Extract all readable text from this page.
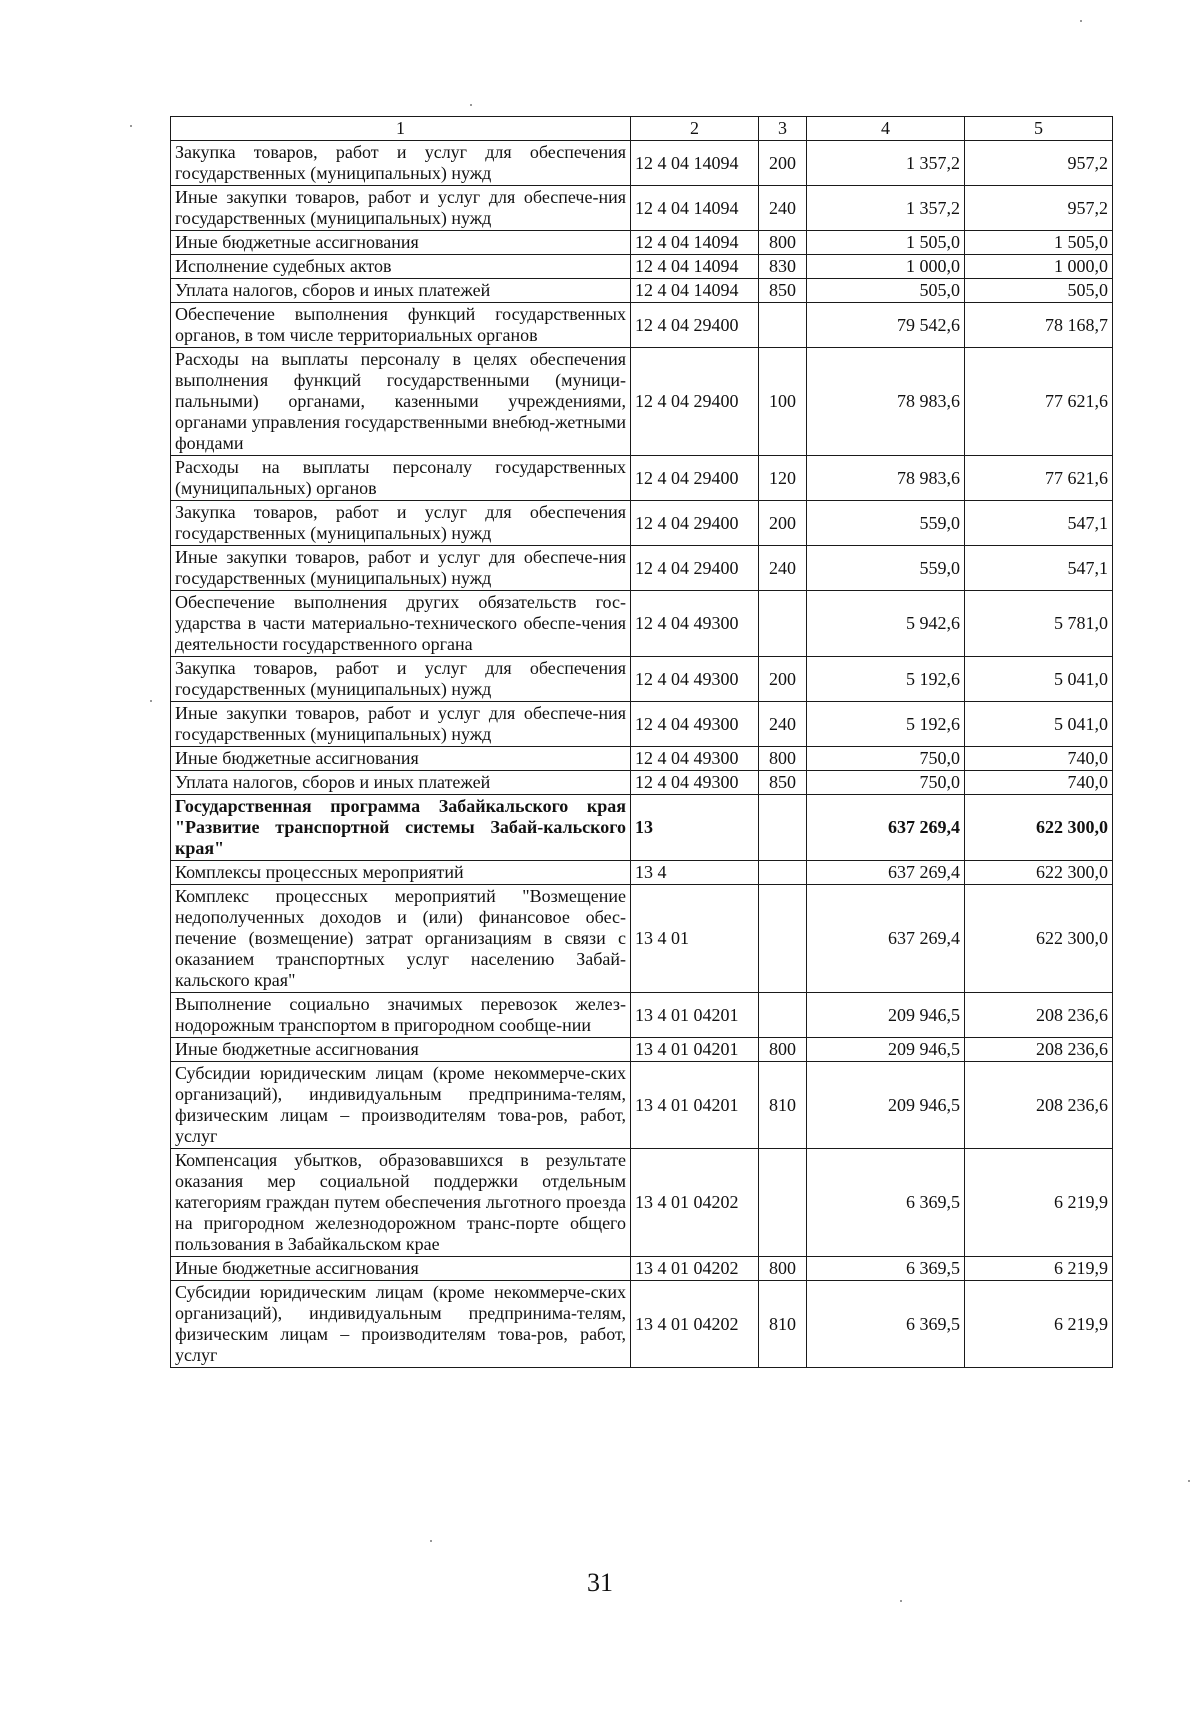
1	2	3	4	5
Закупка товаров, работ и услуг для обеспечения государственных (муниципальных) нужд	12 4 04 14094	200	1 357,2	957,2
Иные закупки товаров, работ и услуг для обеспече-ния государственных (муниципальных) нужд	12 4 04 14094	240	1 357,2	957,2
Иные бюджетные ассигнования	12 4 04 14094	800	1 505,0	1 505,0
Исполнение судебных актов	12 4 04 14094	830	1 000,0	1 000,0
Уплата налогов, сборов и иных платежей	12 4 04 14094	850	505,0	505,0
Обеспечение выполнения функций государственных органов, в том числе территориальных органов	12 4 04 29400		79 542,6	78 168,7
Расходы на выплаты персоналу в целях обеспечения выполнения функций государственными (муници-пальными) органами, казенными учреждениями, органами управления государственными внебюд-жетными фондами	12 4 04 29400	100	78 983,6	77 621,6
Расходы на выплаты персоналу государственных (муниципальных) органов	12 4 04 29400	120	78 983,6	77 621,6
Закупка товаров, работ и услуг для обеспечения государственных (муниципальных) нужд	12 4 04 29400	200	559,0	547,1
Иные закупки товаров, работ и услуг для обеспече-ния государственных (муниципальных) нужд	12 4 04 29400	240	559,0	547,1
Обеспечение выполнения других обязательств гос-ударства в части материально-технического обеспе-чения деятельности государственного органа	12 4 04 49300		5 942,6	5 781,0
Закупка товаров, работ и услуг для обеспечения государственных (муниципальных) нужд	12 4 04 49300	200	5 192,6	5 041,0
Иные закупки товаров, работ и услуг для обеспече-ния государственных (муниципальных) нужд	12 4 04 49300	240	5 192,6	5 041,0
Иные бюджетные ассигнования	12 4 04 49300	800	750,0	740,0
Уплата налогов, сборов и иных платежей	12 4 04 49300	850	750,0	740,0
Государственная программа Забайкальского края "Развитие транспортной системы Забай-кальского края"	13		637 269,4	622 300,0
Комплексы процессных мероприятий	13 4		637 269,4	622 300,0
Комплекс процессных мероприятий "Возмещение недополученных доходов и (или) финансовое обес-печение (возмещение) затрат организациям в связи с оказанием транспортных услуг населению Забай-кальского края"	13 4 01		637 269,4	622 300,0
Выполнение социально значимых перевозок желез-нодорожным транспортом в пригородном сообще-нии	13 4 01 04201		209 946,5	208 236,6
Иные бюджетные ассигнования	13 4 01 04201	800	209 946,5	208 236,6
Субсидии юридическим лицам (кроме некоммерче-ских организаций), индивидуальным предпринима-телям, физическим лицам – производителям това-ров, работ, услуг	13 4 01 04201	810	209 946,5	208 236,6
Компенсация убытков, образовавшихся в результате оказания мер социальной поддержки отдельным категориям граждан путем обеспечения льготного проезда на пригородном железнодорожном транс-порте общего пользования в Забайкальском крае	13 4 01 04202		6 369,5	6 219,9
Иные бюджетные ассигнования	13 4 01 04202	800	6 369,5	6 219,9
Субсидии юридическим лицам (кроме некоммерче-ских организаций), индивидуальным предпринима-телям, физическим лицам – производителям това-ров, работ, услуг	13 4 01 04202	810	6 369,5	6 219,9
31
